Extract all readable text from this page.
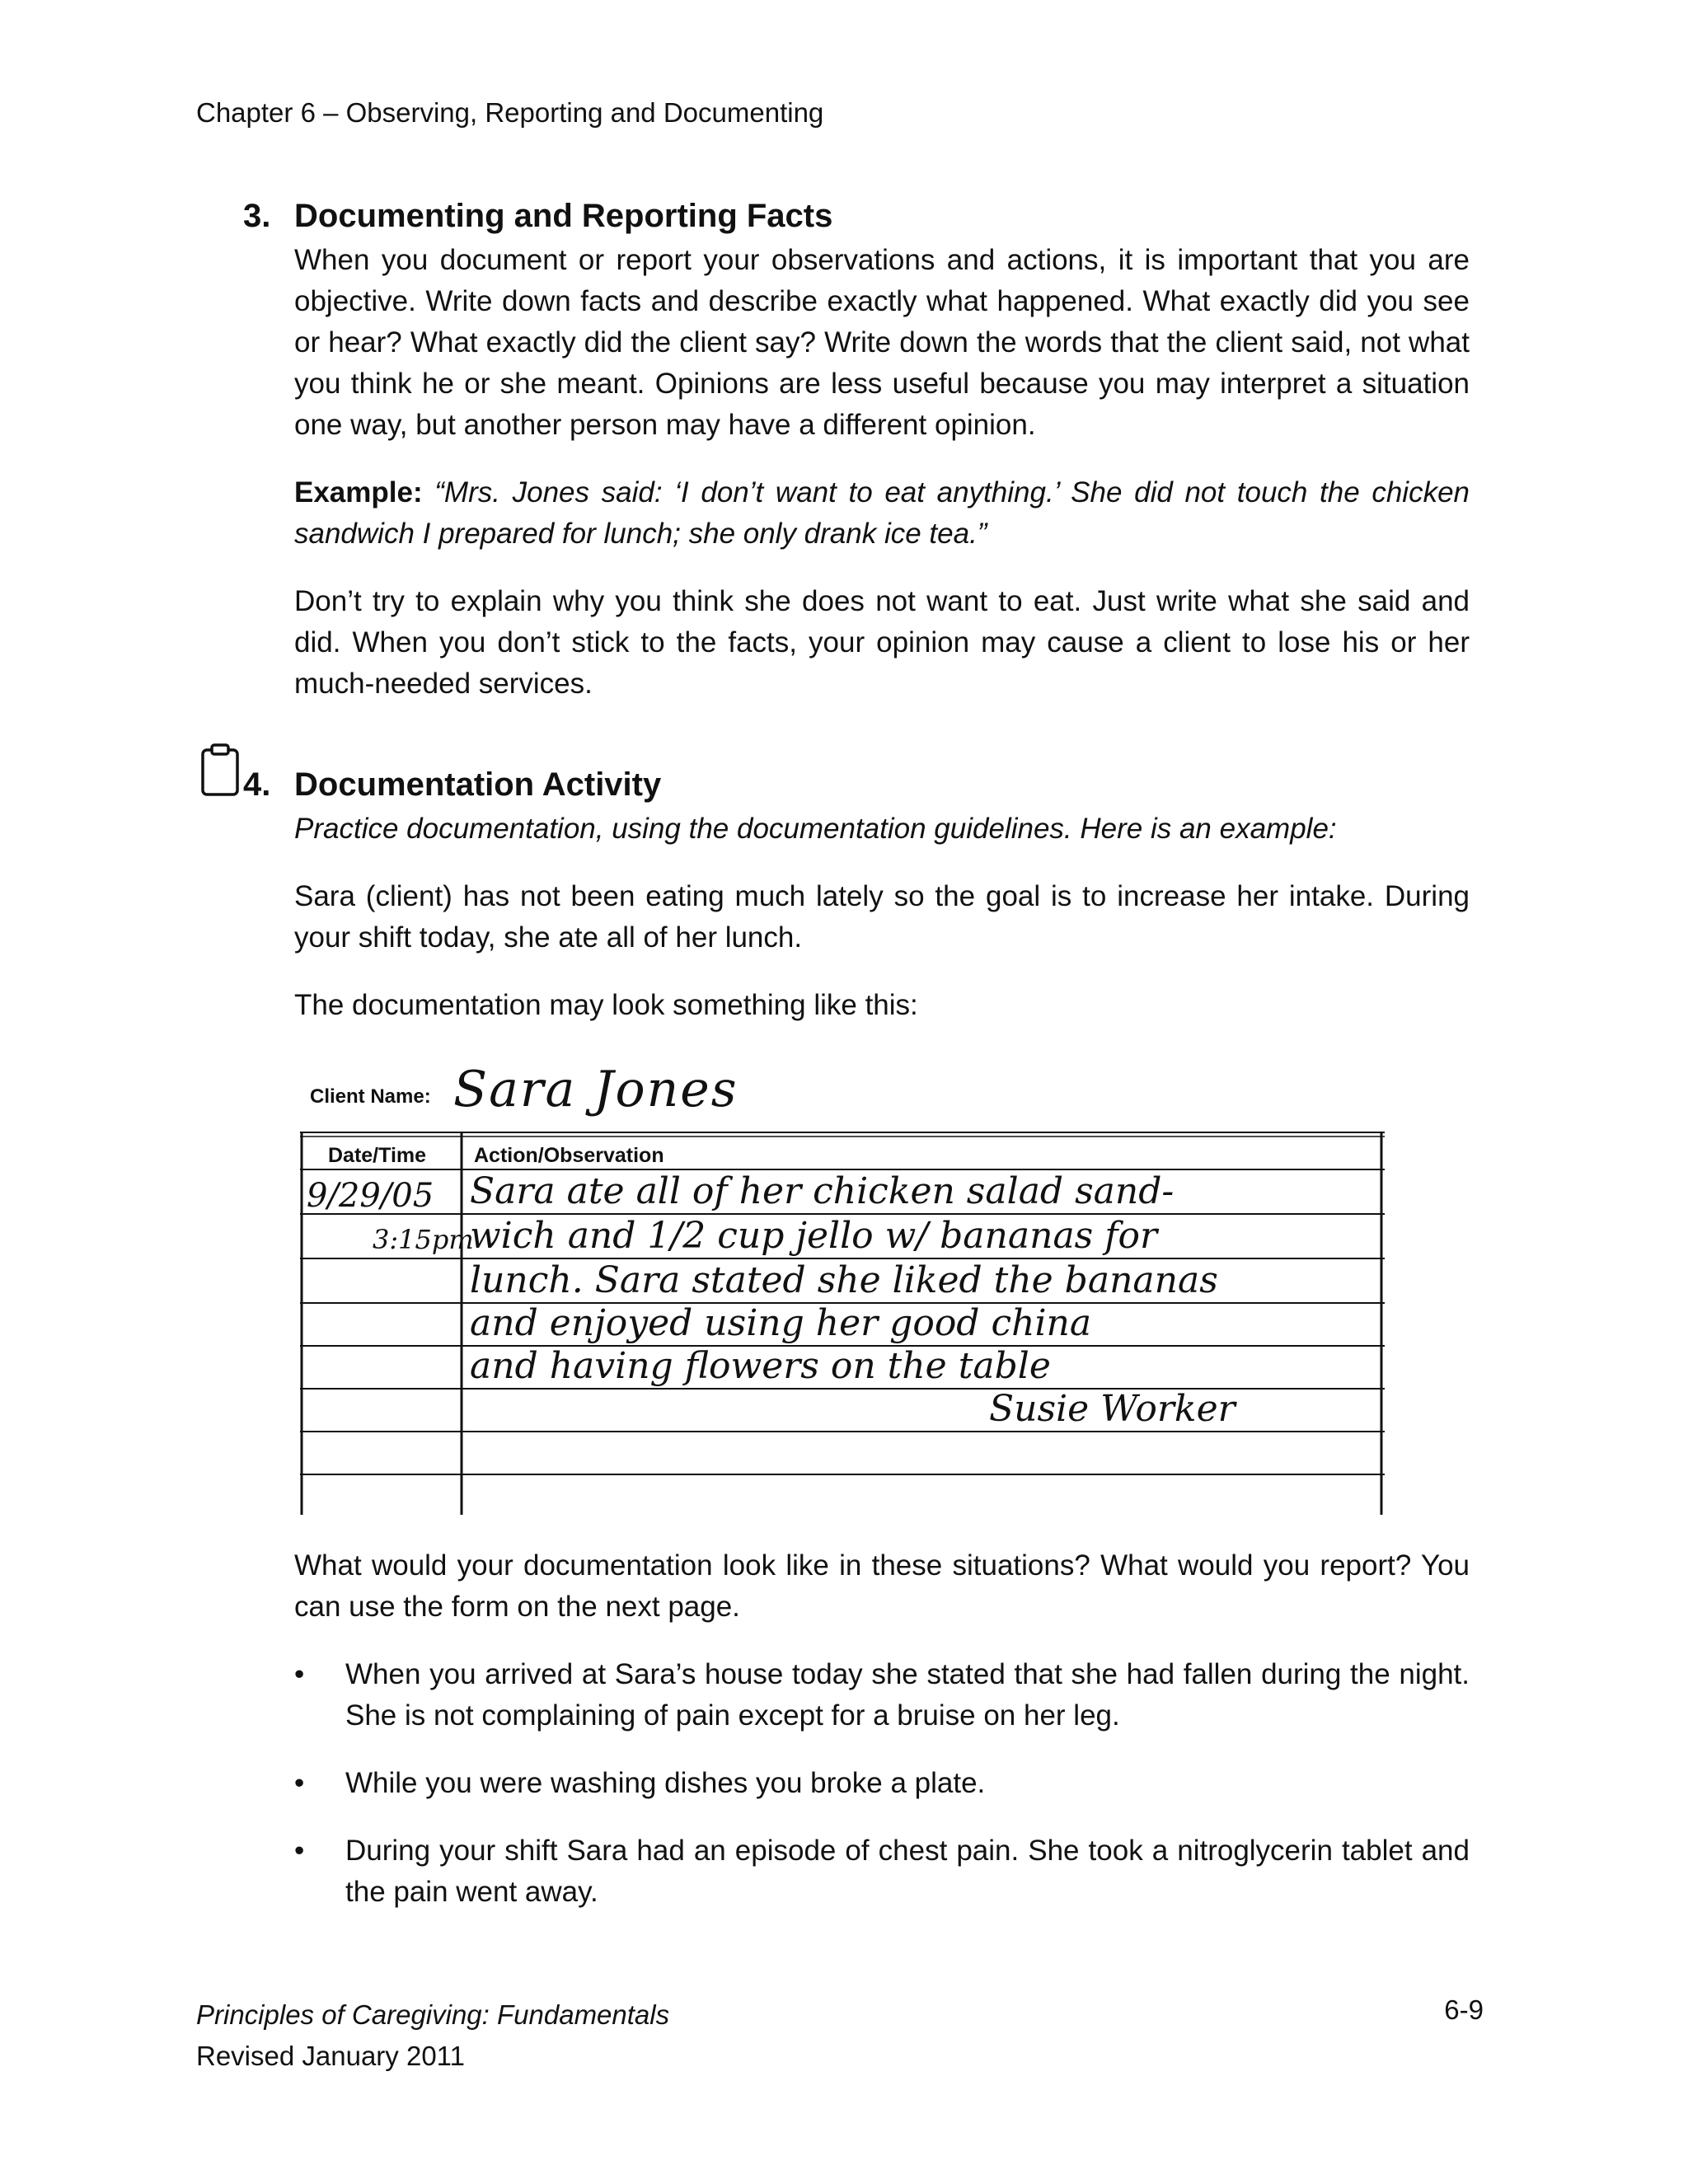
Chapter 6 – Observing, Reporting and Documenting
3. Documenting and Reporting Facts

When you document or report your observations and actions, it is important that you are objective. Write down facts and describe exactly what happened. What exactly did you see or hear? What exactly did the client say? Write down the words that the client said, not what you think he or she meant. Opinions are less useful because you may interpret a situation one way, but another person may have a different opinion.

Example: “Mrs. Jones said: ‘I don’t want to eat anything.’ She did not touch the chicken sandwich I prepared for lunch; she only drank ice tea.”

Don’t try to explain why you think she does not want to eat. Just write what she said and did. When you don’t stick to the facts, your opinion may cause a client to lose his or her much-needed services.

4. Documentation Activity

Practice documentation, using the documentation guidelines. Here is an example:

Sara (client) has not been eating much lately so the goal is to increase her intake. During your shift today, she ate all of her lunch.

The documentation may look something like this:

Client Name: Sara Jones
Date/Time Action/Observation
9/29/05
3:15pm
Sara ate all of her chicken salad sand-
wich and 1/2 cup jello w/ bananas for
lunch. Sara stated she liked the bananas
and enjoyed using her good china
and having flowers on the table
Susie Worker

What would your documentation look like in these situations? What would you report? You can use the form on the next page.

• When you arrived at Sara’s house today she stated that she had fallen during the night. She is not complaining of pain except for a bruise on her leg.
• While you were washing dishes you broke a plate.
• During your shift Sara had an episode of chest pain. She took a nitroglycerin tablet and the pain went away.
Principles of Caregiving: Fundamentals
Revised January 2011
6-9
